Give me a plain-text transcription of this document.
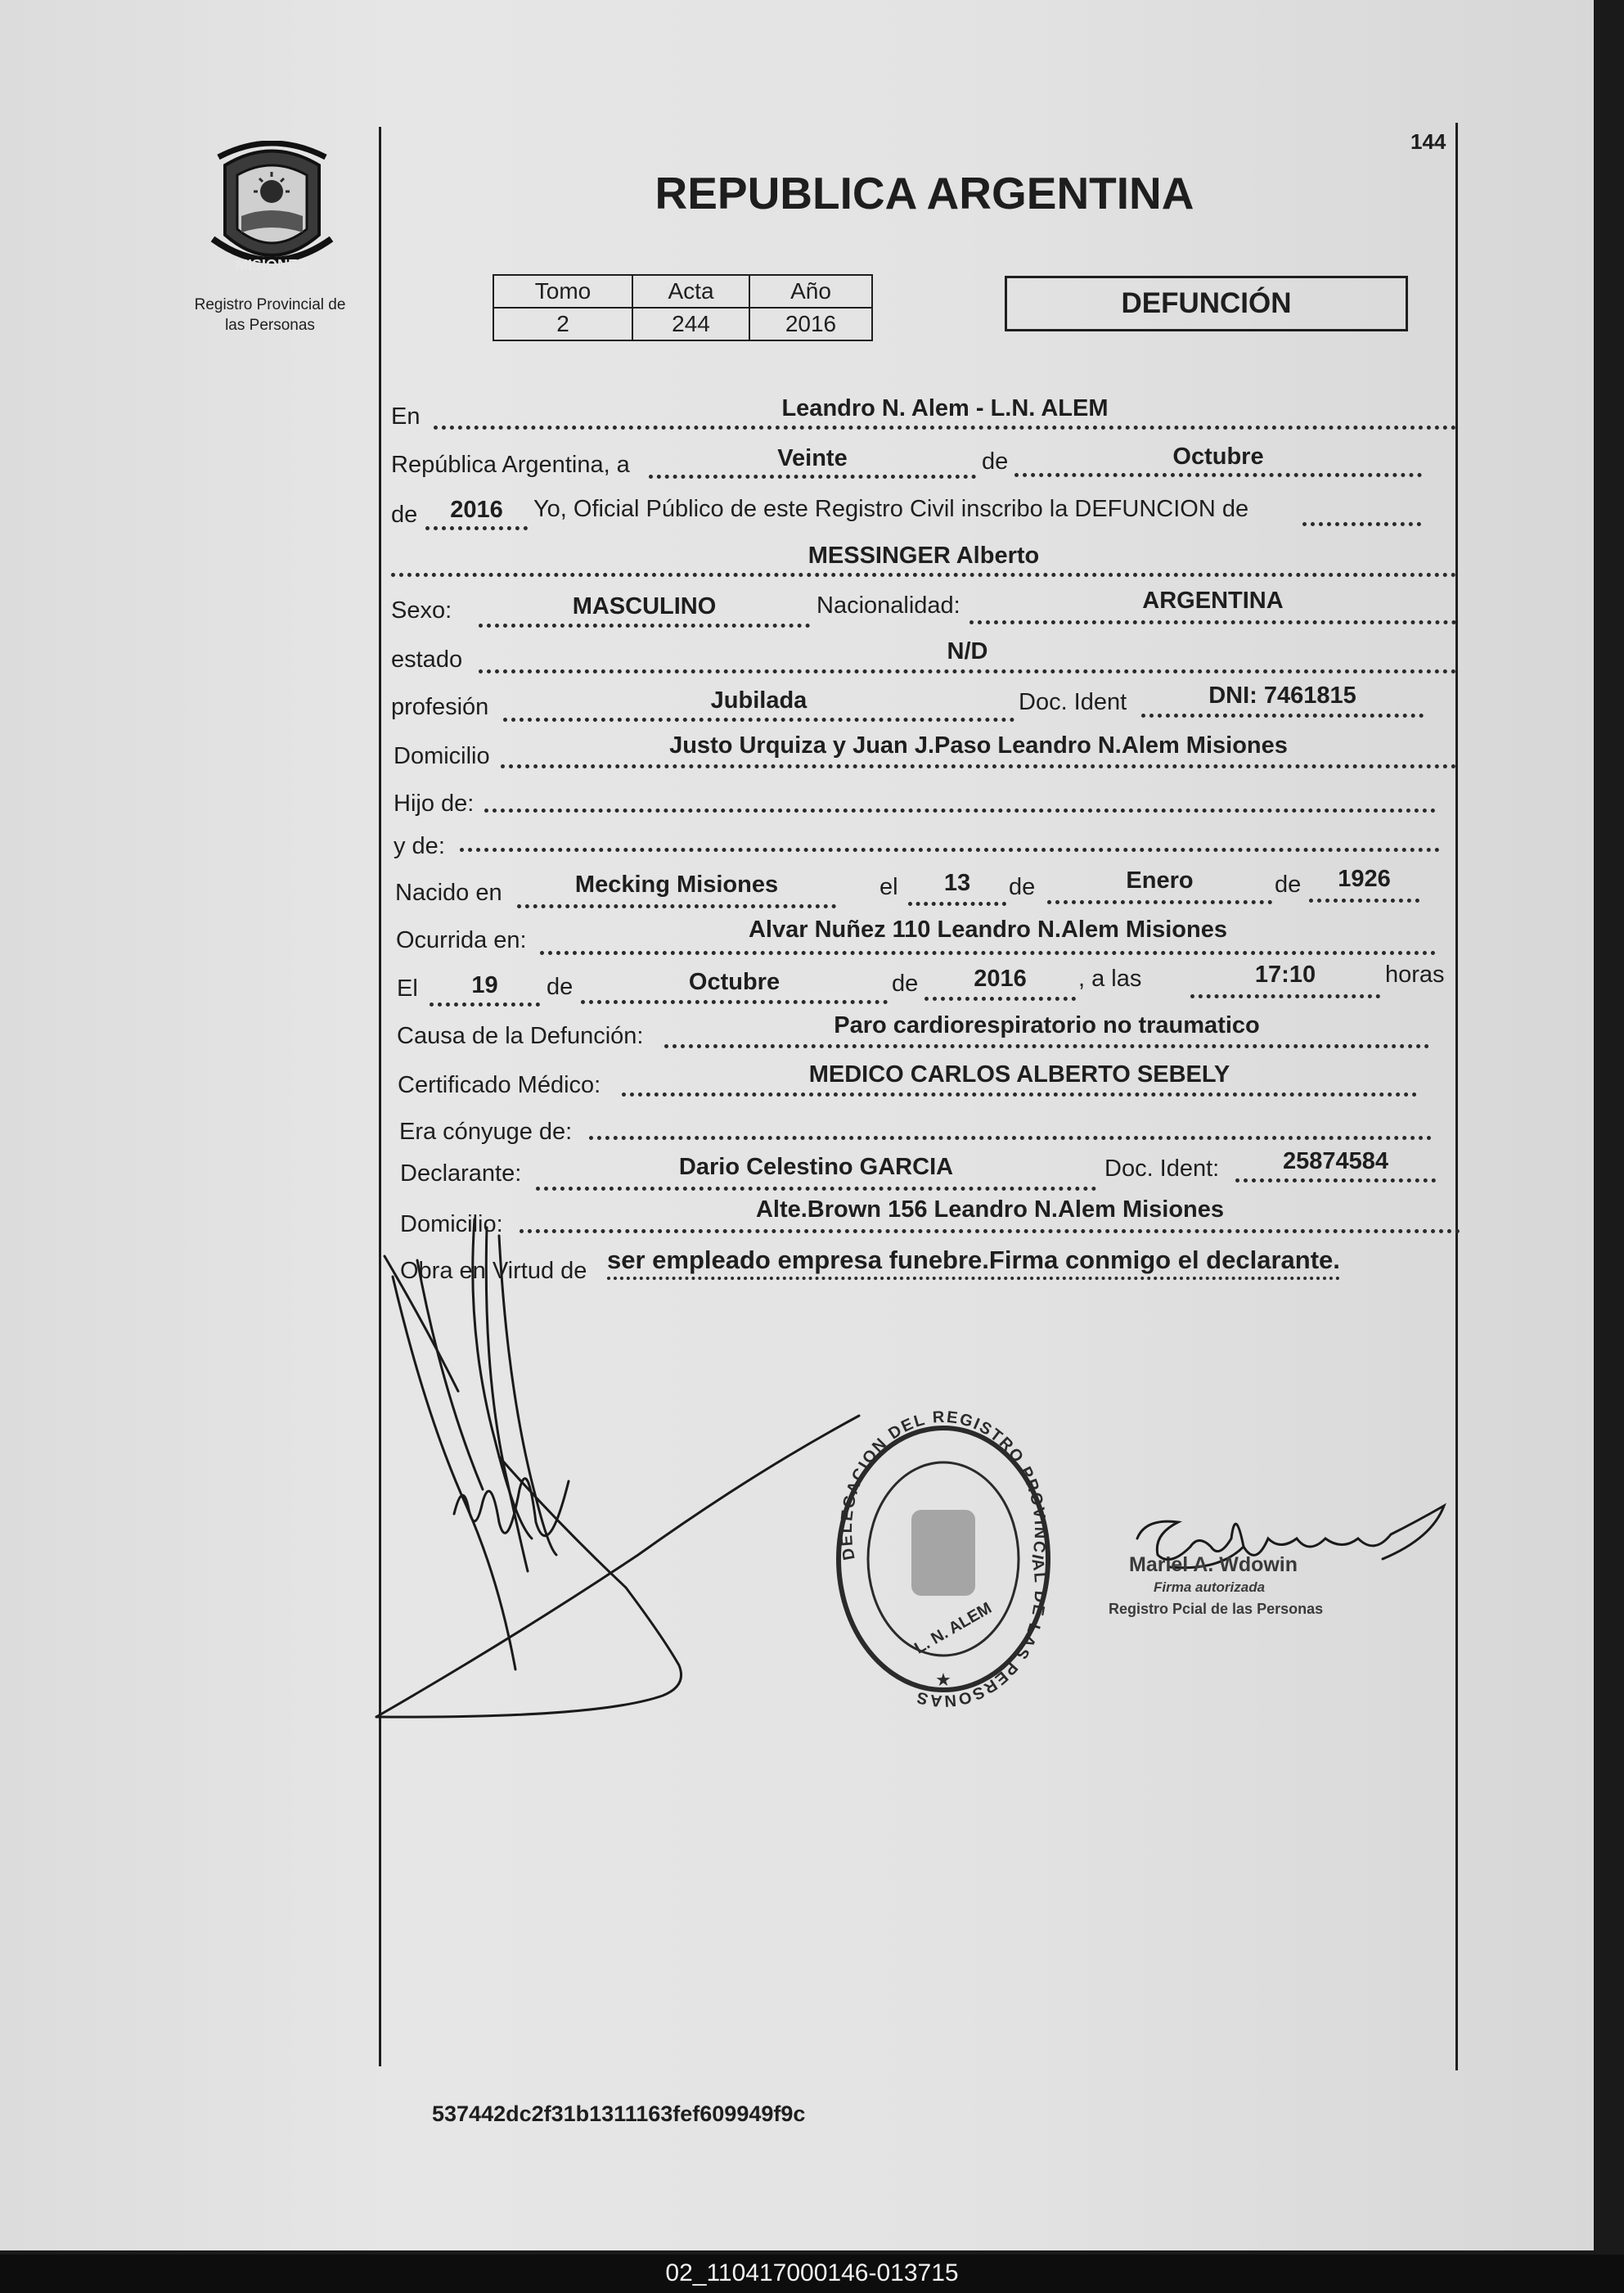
MISIONES
Registro Provincial de
las Personas
144
REPUBLICA ARGENTINA
Tomo	Acta	Año
2	244	2016
DEFUNCIÓN
En	Leandro N. Alem - L.N. ALEM
República Argentina, a	Veinte	de	Octubre
de	2016	Yo, Oficial Público de este Registro Civil inscribo la DEFUNCION de
MESSINGER Alberto
Sexo:	MASCULINO	Nacionalidad:	ARGENTINA
estado	N/D
profesión	Jubilada	Doc. Ident	DNI: 7461815
Domicilio	Justo Urquiza y Juan J.Paso Leandro N.Alem Misiones
Hijo de:
y de:
Nacido en	Mecking Misiones	el	13	de	Enero	de	1926
Ocurrida en:	Alvar Nuñez 110 Leandro N.Alem Misiones
El	19	de	Octubre	de	2016	, a las	17:10	horas
Causa de la Defunción:	Paro cardiorespiratorio no traumatico
Certificado Médico:	MEDICO CARLOS ALBERTO SEBELY
Era cónyuge de:
Declarante:	Dario Celestino GARCIA	Doc. Ident:	25874584
Domicilio:
Alte.Brown 156 Leandro N.Alem Misiones
Obra en Virtud de ser empleado empresa funebre.Firma conmigo el declarante.
DELEGACION DEL REGISTRO PROVINCIAL DE LAS PERSONAS
L. N. ALEM
★
Mariel A. Wdowin
Firma autorizada
Registro Pcial de las Personas
537442dc2f31b1311163fef609949f9c
02_110417000146-013715
